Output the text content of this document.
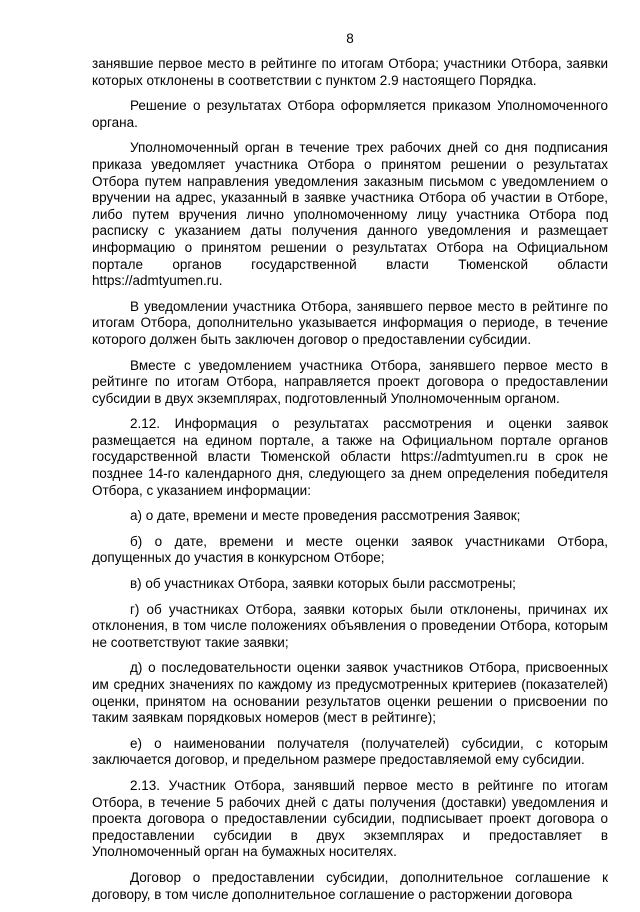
8

занявшие первое место в рейтинге по итогам Отбора; участники Отбора, заявки которых отклонены в соответствии с пунктом 2.9 настоящего Порядка.

Решение о результатах Отбора оформляется приказом Уполномоченного органа.

Уполномоченный орган в течение трех рабочих дней со дня подписания приказа уведомляет участника Отбора о принятом решении о результатах Отбора путем направления уведомления заказным письмом с уведомлением о вручении на адрес, указанный в заявке участника Отбора об участии в Отборе, либо путем вручения лично уполномоченному лицу участника Отбора под расписку с указанием даты получения данного уведомления и размещает информацию о принятом решении о результатах Отбора на Официальном портале органов государственной власти Тюменской области https://admtyumen.ru.

В уведомлении участника Отбора, занявшего первое место в рейтинге по итогам Отбора, дополнительно указывается информация о периоде, в течение которого должен быть заключен договор о предоставлении субсидии.

Вместе с уведомлением участника Отбора, занявшего первое место в рейтинге по итогам Отбора, направляется проект договора о предоставлении субсидии в двух экземплярах, подготовленный Уполномоченным органом.

2.12. Информация о результатах рассмотрения и оценки заявок размещается на едином портале, а также на Официальном портале органов государственной власти Тюменской области https://admtyumen.ru в срок не позднее 14-го календарного дня, следующего за днем определения победителя Отбора, с указанием информации:

а) о дате, времени и месте проведения рассмотрения Заявок;

б) о дате, времени и месте оценки заявок участниками Отбора, допущенных до участия в конкурсном Отборе;

в) об участниках Отбора, заявки которых были рассмотрены;

г) об участниках Отбора, заявки которых были отклонены, причинах их отклонения, в том числе положениях объявления о проведении Отбора, которым не соответствуют такие заявки;

д) о последовательности оценки заявок участников Отбора, присвоенных им средних значениях по каждому из предусмотренных критериев (показателей) оценки, принятом на основании результатов оценки решении о присвоении по таким заявкам порядковых номеров (мест в рейтинге);

е) о наименовании получателя (получателей) субсидии, с которым заключается договор, и предельном размере предоставляемой ему субсидии.

2.13. Участник Отбора, занявший первое место в рейтинге по итогам Отбора, в течение 5 рабочих дней с даты получения (доставки) уведомления и проекта договора о предоставлении субсидии, подписывает проект договора о предоставлении субсидии в двух экземплярах и предоставляет в Уполномоченный орган на бумажных носителях.

Договор о предоставлении субсидии, дополнительное соглашение к договору, в том числе дополнительное соглашение о расторжении договора
